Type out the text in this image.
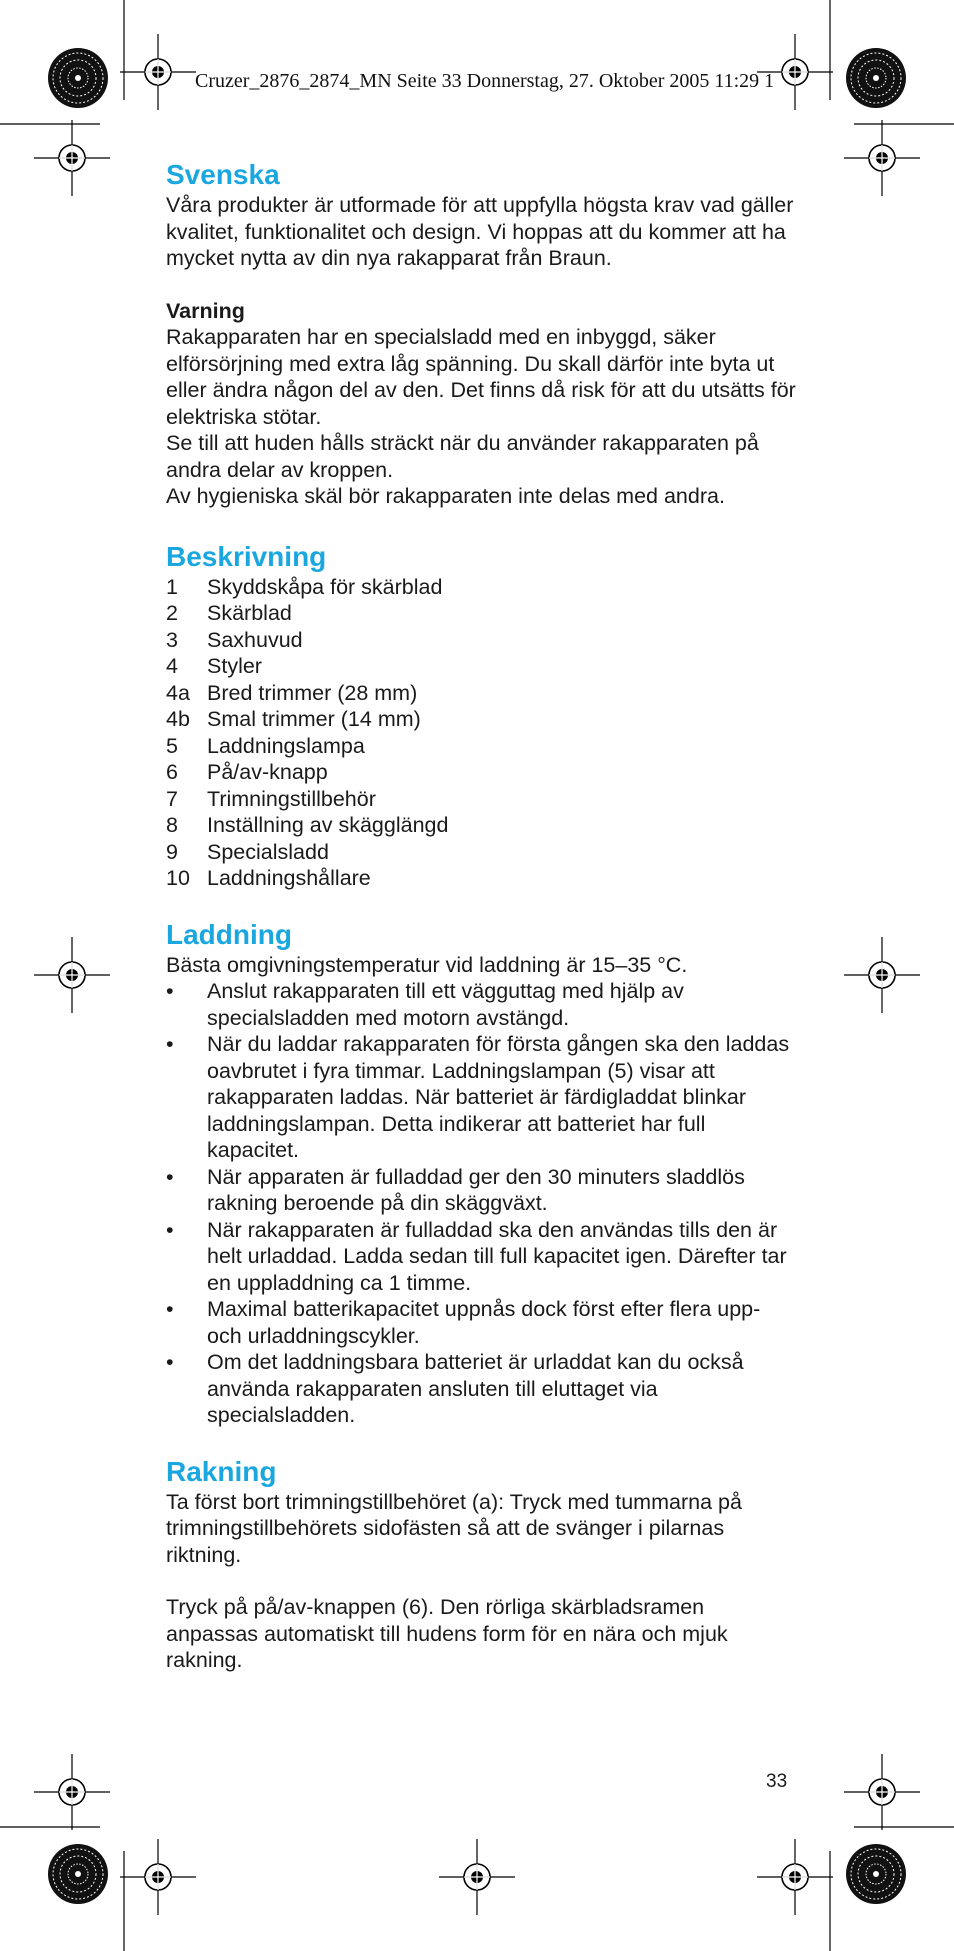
Cruzer_2876_2874_MN Seite 33 Donnerstag, 27. Oktober 2005 11:29 1
Svenska

Våra produkter är utformade för att uppfylla högsta krav vad gäller kvalitet, funktionalitet och design. Vi hoppas att du kommer att ha mycket nytta av din nya rakapparat från Braun.

Varning

Rakapparaten har en specialsladd med en inbyggd, säker elförsörjning med extra låg spänning. Du skall därför inte byta ut eller ändra någon del av den. Det finns då risk för att du utsätts för elektriska stötar.

Se till att huden hålls sträckt när du använder rakapparaten på andra delar av kroppen.

Av hygieniska skäl bör rakapparaten inte delas med andra.

Beskrivning
1	Skyddskåpa för skärblad
2	Skärblad
3	Saxhuvud
4	Styler
4a Bred trimmer (28 mm)
4b Smal trimmer (14 mm)
5	Laddningslampa
6	På/av-knapp
7	Trimningstillbehör
8	Inställning av skägglängd
9	Specialsladd
10 Laddningshållare
Laddning

Bästa omgivningstemperatur vid laddning är 15–35 °C.

•	Anslut rakapparaten till ett vägguttag med hjälp av specialsladden med motorn avstängd.
•	När du laddar rakapparaten för första gången ska den laddas oavbrutet i fyra timmar. Laddningslampan (5) visar att rakapparaten laddas. När batteriet är färdigladdat blinkar laddningslampan. Detta indikerar att batteriet har full kapacitet.
•	När apparaten är fulladdad ger den 30 minuters sladdlös rakning beroende på din skäggväxt.
•	När rakapparaten är fulladdad ska den användas tills den är helt urladdad. Ladda sedan till full kapacitet igen. Därefter tar en uppladdning ca 1 timme.
•	Maximal batterikapacitet uppnås dock först efter flera upp- och urladdningscykler.
•	Om det laddningsbara batteriet är urladdat kan du också använda rakapparaten ansluten till eluttaget via specialsladden.
Rakning

Ta först bort trimningstillbehöret (a): Tryck med tummarna på trimningstillbehörets sidofästen så att de svänger i pilarnas riktning.

Tryck på på/av-knappen (6). Den rörliga skärbladsramen anpassas automatiskt till hudens form för en nära och mjuk rakning.

33
